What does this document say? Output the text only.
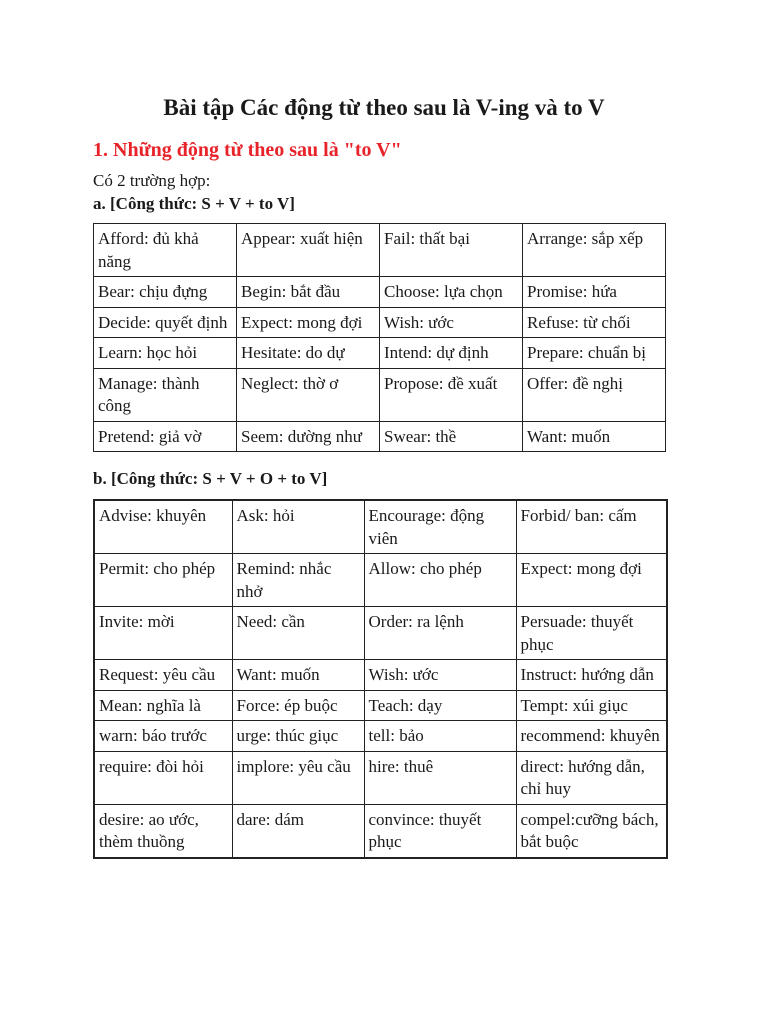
Bài tập Các động từ theo sau là V-ing và to V
1. Những động từ theo sau là "to V"

Có 2 trường hợp:

a. [Công thức: S + V + to V]

Afford: đủ khả năng	Appear: xuất hiện	Fail: thất bại	Arrange: sắp xếp
Bear: chịu đựng	Begin: bắt đầu	Choose: lựa chọn	Promise: hứa
Decide: quyết định	Expect: mong đợi	Wish: ước	Refuse: từ chối
Learn: học hỏi	Hesitate: do dự	Intend: dự định	Prepare: chuẩn bị
Manage: thành công	Neglect: thờ ơ	Propose: đề xuất	Offer: đề nghị
Pretend: giả vờ	Seem: dường như	Swear: thề	Want: muốn

b. [Công thức: S + V + O + to V]

Advise: khuyên	Ask: hỏi	Encourage: động viên	Forbid/ ban: cấm
Permit: cho phép	Remind: nhắc nhở	Allow: cho phép	Expect: mong đợi
Invite: mời	Need: cần	Order: ra lệnh	Persuade: thuyết phục
Request: yêu cầu	Want: muốn	Wish: ước	Instruct: hướng dẫn
Mean: nghĩa là	Force: ép buộc	Teach: dạy	Tempt: xúi giục
warn: báo trước	urge: thúc giục	tell: bảo	recommend: khuyên
require: đòi hỏi	implore: yêu cầu	hire: thuê	direct: hướng dẫn, chỉ huy
desire: ao ước, thèm thuồng	dare: dám	convince: thuyết phục	compel:cưỡng bách, bắt buộc
